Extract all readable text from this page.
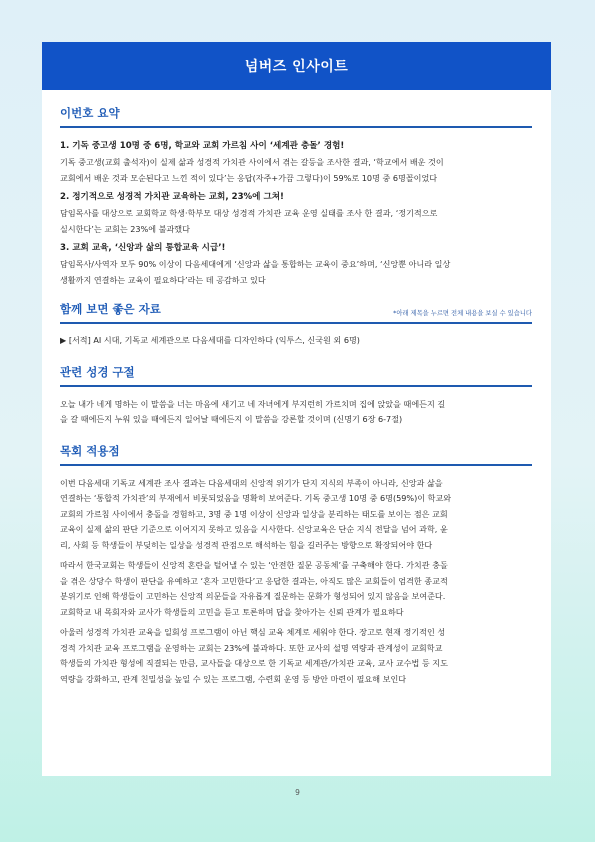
넘버즈 인사이트
이번호 요약
1. 기독 중고생 10명 중 6명, 학교와 교회 가르침 사이 ‘세계관 충돌’ 경험!
기독 중고생(교회 출석자)이 실제 삶과 성경적 가치관 사이에서 겪는 갈등을 조사한 결과, ‘학교에서 배운 것이
교회에서 배운 것과 모순된다고 느낀 적이 있다’는 응답(자주+가끔 그렇다)이 59%로 10명 중 6명꼴이었다
2. 정기적으로 성경적 가치관 교육하는 교회, 23%에 그쳐!
담임목사를 대상으로 교회학교 학생·학부모 대상 성경적 가치관 교육 운영 실태를 조사 한 결과, ‘정기적으로
실시한다’는 교회는 23%에 불과했다
3. 교회 교육, ‘신앙과 삶의 통합교육 시급’!
담임목사/사역자 모두 90% 이상이 다음세대에게 ‘신앙과 삶을 통합하는 교육이 중요’하며, ‘신앙뿐 아니라 일상
생활까지 연결하는 교육이 필요하다’라는 데 공감하고 있다
함께 보면 좋은 자료	*아래 제목을 누르면 전체 내용을 보실 수 있습니다
▶ [서적] AI 시대, 기독교 세계관으로 다음세대를 디자인하다 (익투스, 신국원 외 6명)
관련 성경 구절
오늘 내가 네게 명하는 이 말씀을 너는 마음에 새기고 네 자녀에게 부지런히 가르치며 집에 앉았을 때에든지 길
을 갈 때에든지 누워 있을 때에든지 일어날 때에든지 이 말씀을 강론할 것이며 (신명기 6장 6-7절)
목회 적용점
이번 다음세대 기독교 세계관 조사 결과는 다음세대의 신앙적 위기가 단지 지식의 부족이 아니라, 신앙과 삶을
연결하는 ‘통합적 가치관’의 부재에서 비롯되었음을 명확히 보여준다. 기독 중고생 10명 중 6명(59%)이 학교와
교회의 가르침 사이에서 충돌을 경험하고, 3명 중 1명 이상이 신앙과 일상을 분리하는 태도를 보이는 점은 교회
교육이 실제 삶의 판단 기준으로 이어지지 못하고 있음을 시사한다. 신앙교육은 단순 지식 전달을 넘어 과학, 윤
리, 사회 등 학생들이 부딪히는 일상을 성경적 관점으로 해석하는 힘을 길러주는 방향으로 확장되어야 한다
따라서 한국교회는 학생들이 신앙적 혼란을 털어낼 수 있는 ‘안전한 질문 공동체’를 구축해야 한다. 가치관 충돌
을 겪은 상당수 학생이 판단을 유예하고 ‘혼자 고민한다’고 응답한 결과는, 아직도 많은 교회들이 엄격한 종교적
분위기로 인해 학생들이 고민하는 신앙적 의문들을 자유롭게 질문하는 문화가 형성되어 있지 않음을 보여준다.
교회학교 내 목회자와 교사가 학생들의 고민을 듣고 토론하며 답을 찾아가는 신뢰 관계가 필요하다
아울러 성경적 가치관 교육을 일회성 프로그램이 아닌 핵심 교육 체계로 세워야 한다. 장고로 현재 정기적인 성
경적 가치관 교육 프로그램을 운영하는 교회는 23%에 불과하다. 또한 교사의 설명 역량과 관계성이 교회학교
학생들의 가치관 형성에 직결되는 만큼, 교사들을 대상으로 한 기독교 세계관/가치관 교육, 교사 교수법 등 지도
역량을 강화하고, 관계 친밀성을 높일 수 있는 프로그램, 수련회 운영 등 방안 마련이 필요해 보인다
9
